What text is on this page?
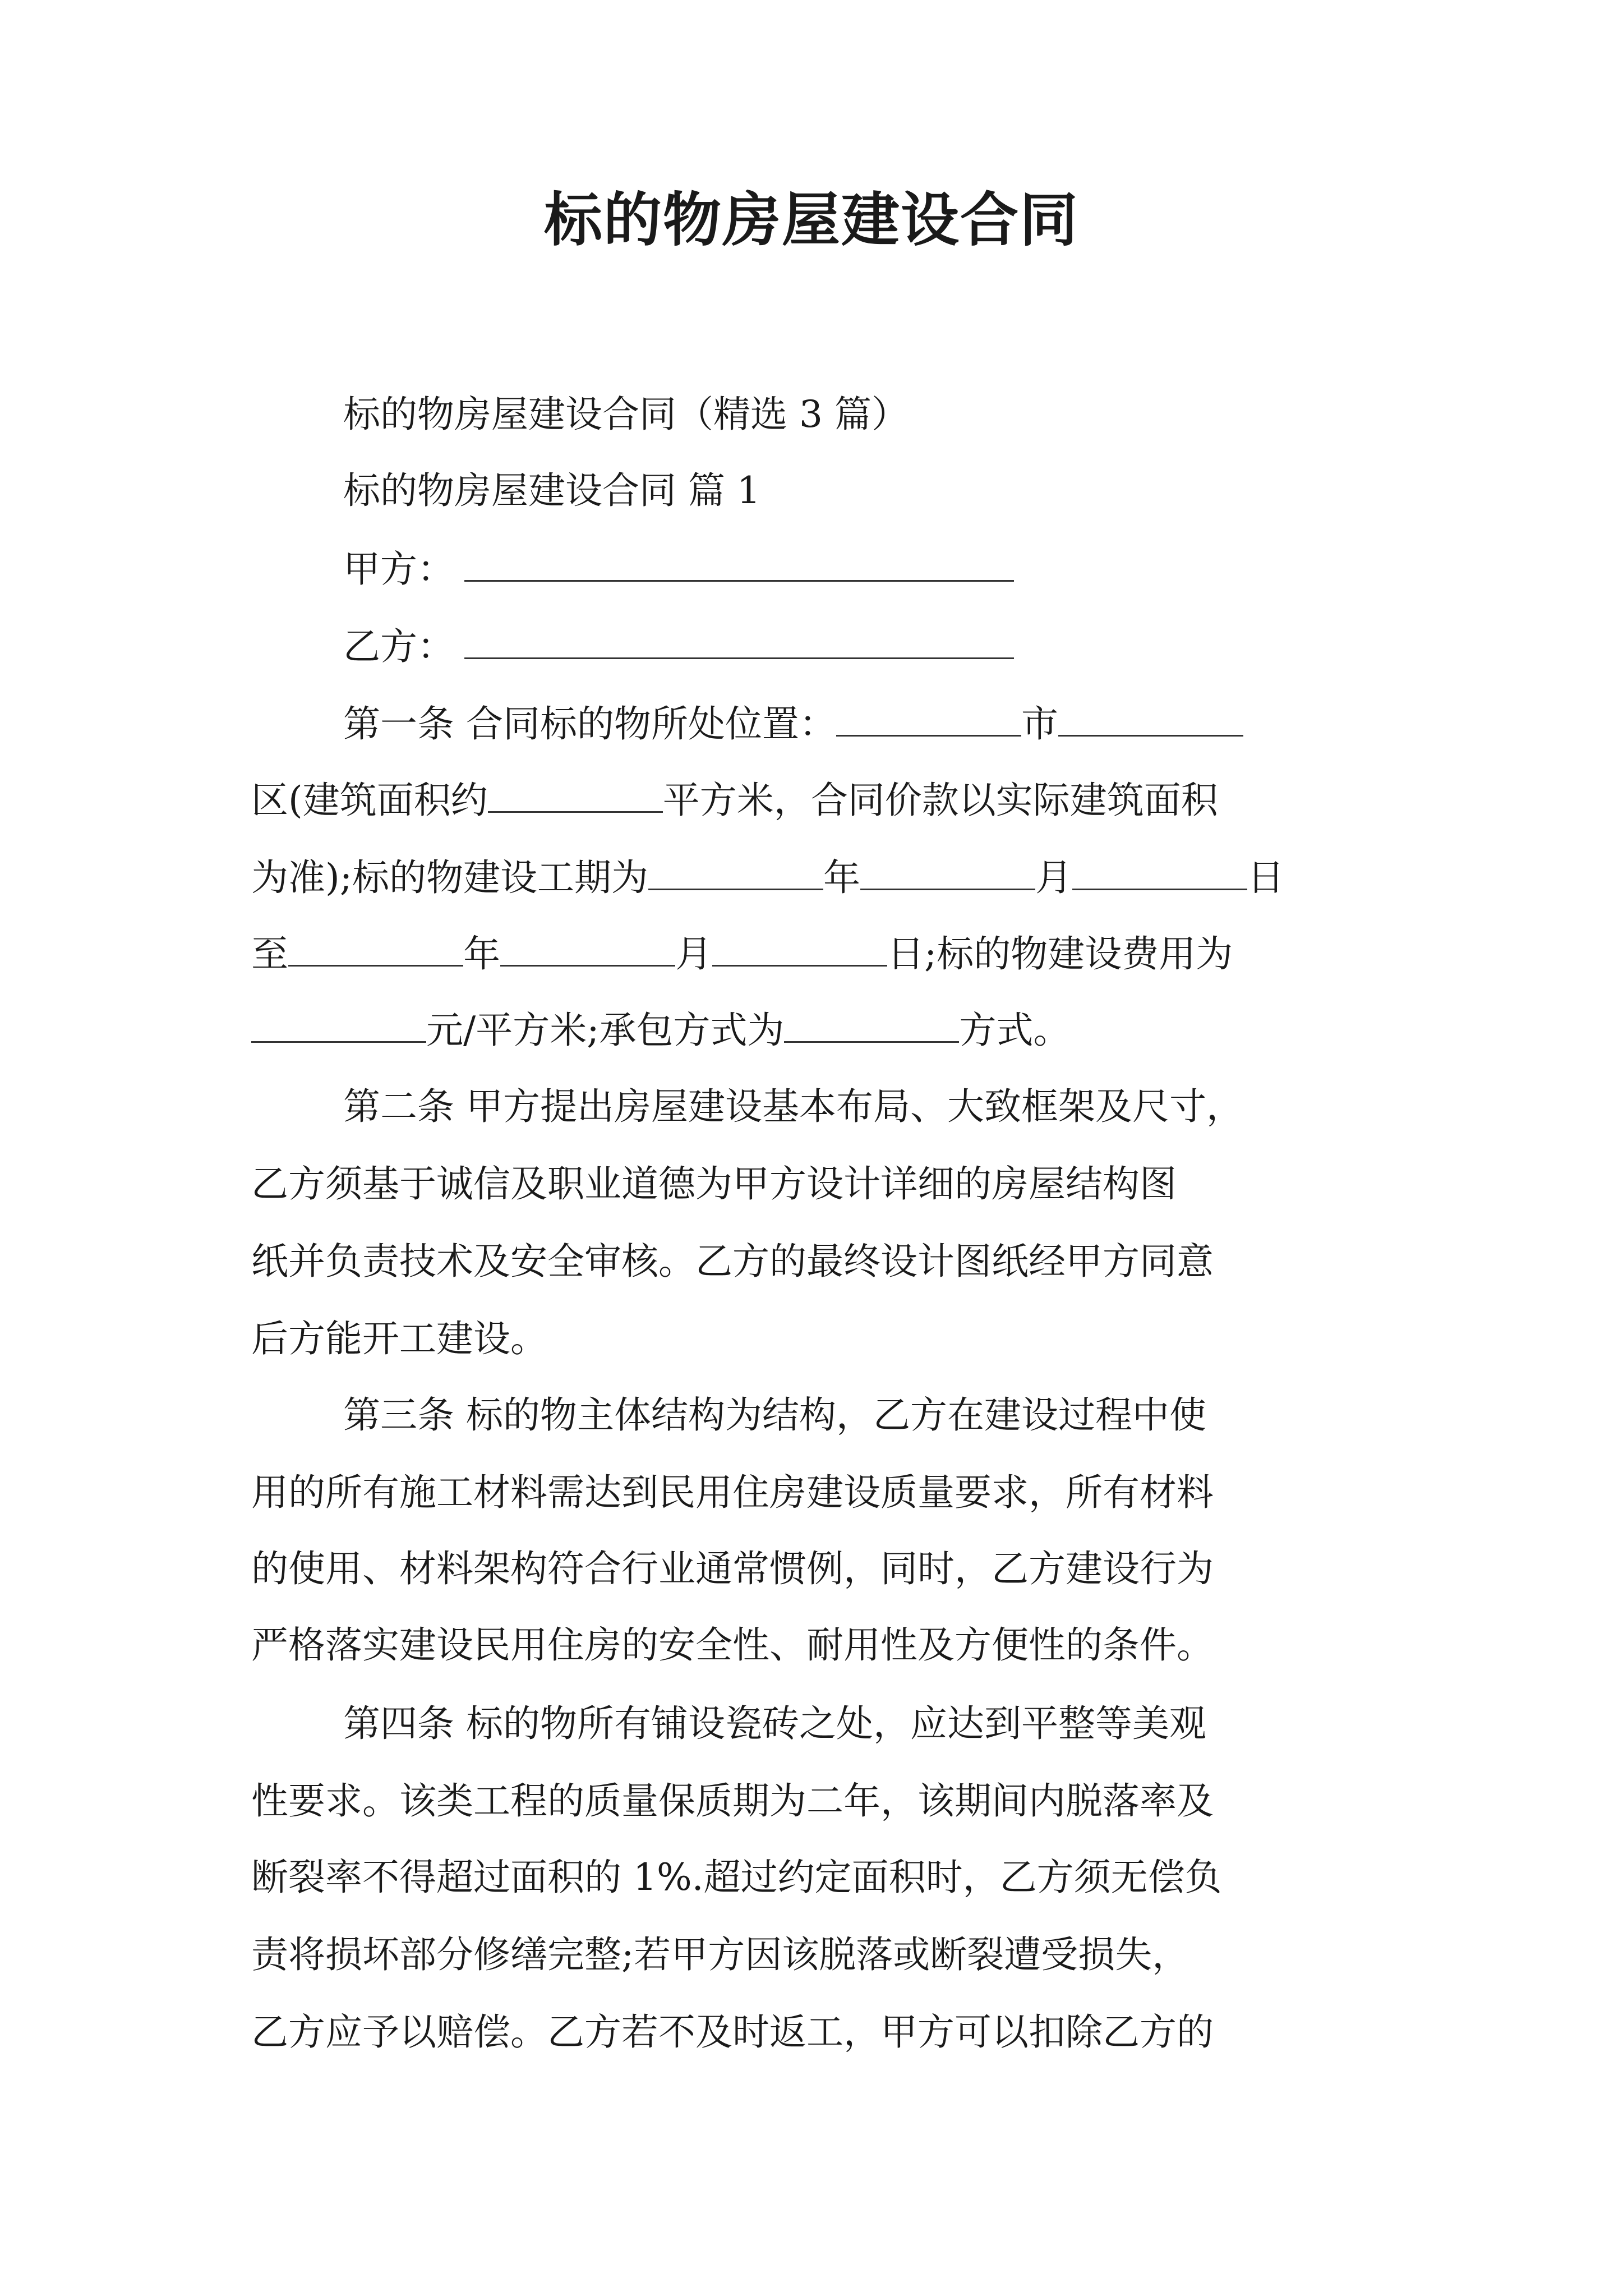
标的物房屋建设合同
标的物房屋建设合同（精选 3 篇）
标的物房屋建设合同 篇 1
甲方：
乙方：
第一条 合同标的物所处位置：	市
区(建筑面积约	平方米，合同价款以实际建筑面积
为准);标的物建设工期为	年	月	日
至	年	月	日;标的物建设费用为
元/平方米;承包方式为	方式。
第二条 甲方提出房屋建设基本布局、大致框架及尺寸，
乙方须基于诚信及职业道德为甲方设计详细的房屋结构图
纸并负责技术及安全审核。乙方的最终设计图纸经甲方同意
后方能开工建设。
第三条 标的物主体结构为结构，乙方在建设过程中使
用的所有施工材料需达到民用住房建设质量要求，所有材料
的使用、材料架构符合行业通常惯例，同时，乙方建设行为
严格落实建设民用住房的安全性、耐用性及方便性的条件。
第四条 标的物所有铺设瓷砖之处，应达到平整等美观
性要求。该类工程的质量保质期为二年，该期间内脱落率及
断裂率不得超过面积的 1%.超过约定面积时，乙方须无偿负
责将损坏部分修缮完整;若甲方因该脱落或断裂遭受损失，
乙方应予以赔偿。乙方若不及时返工，甲方可以扣除乙方的
